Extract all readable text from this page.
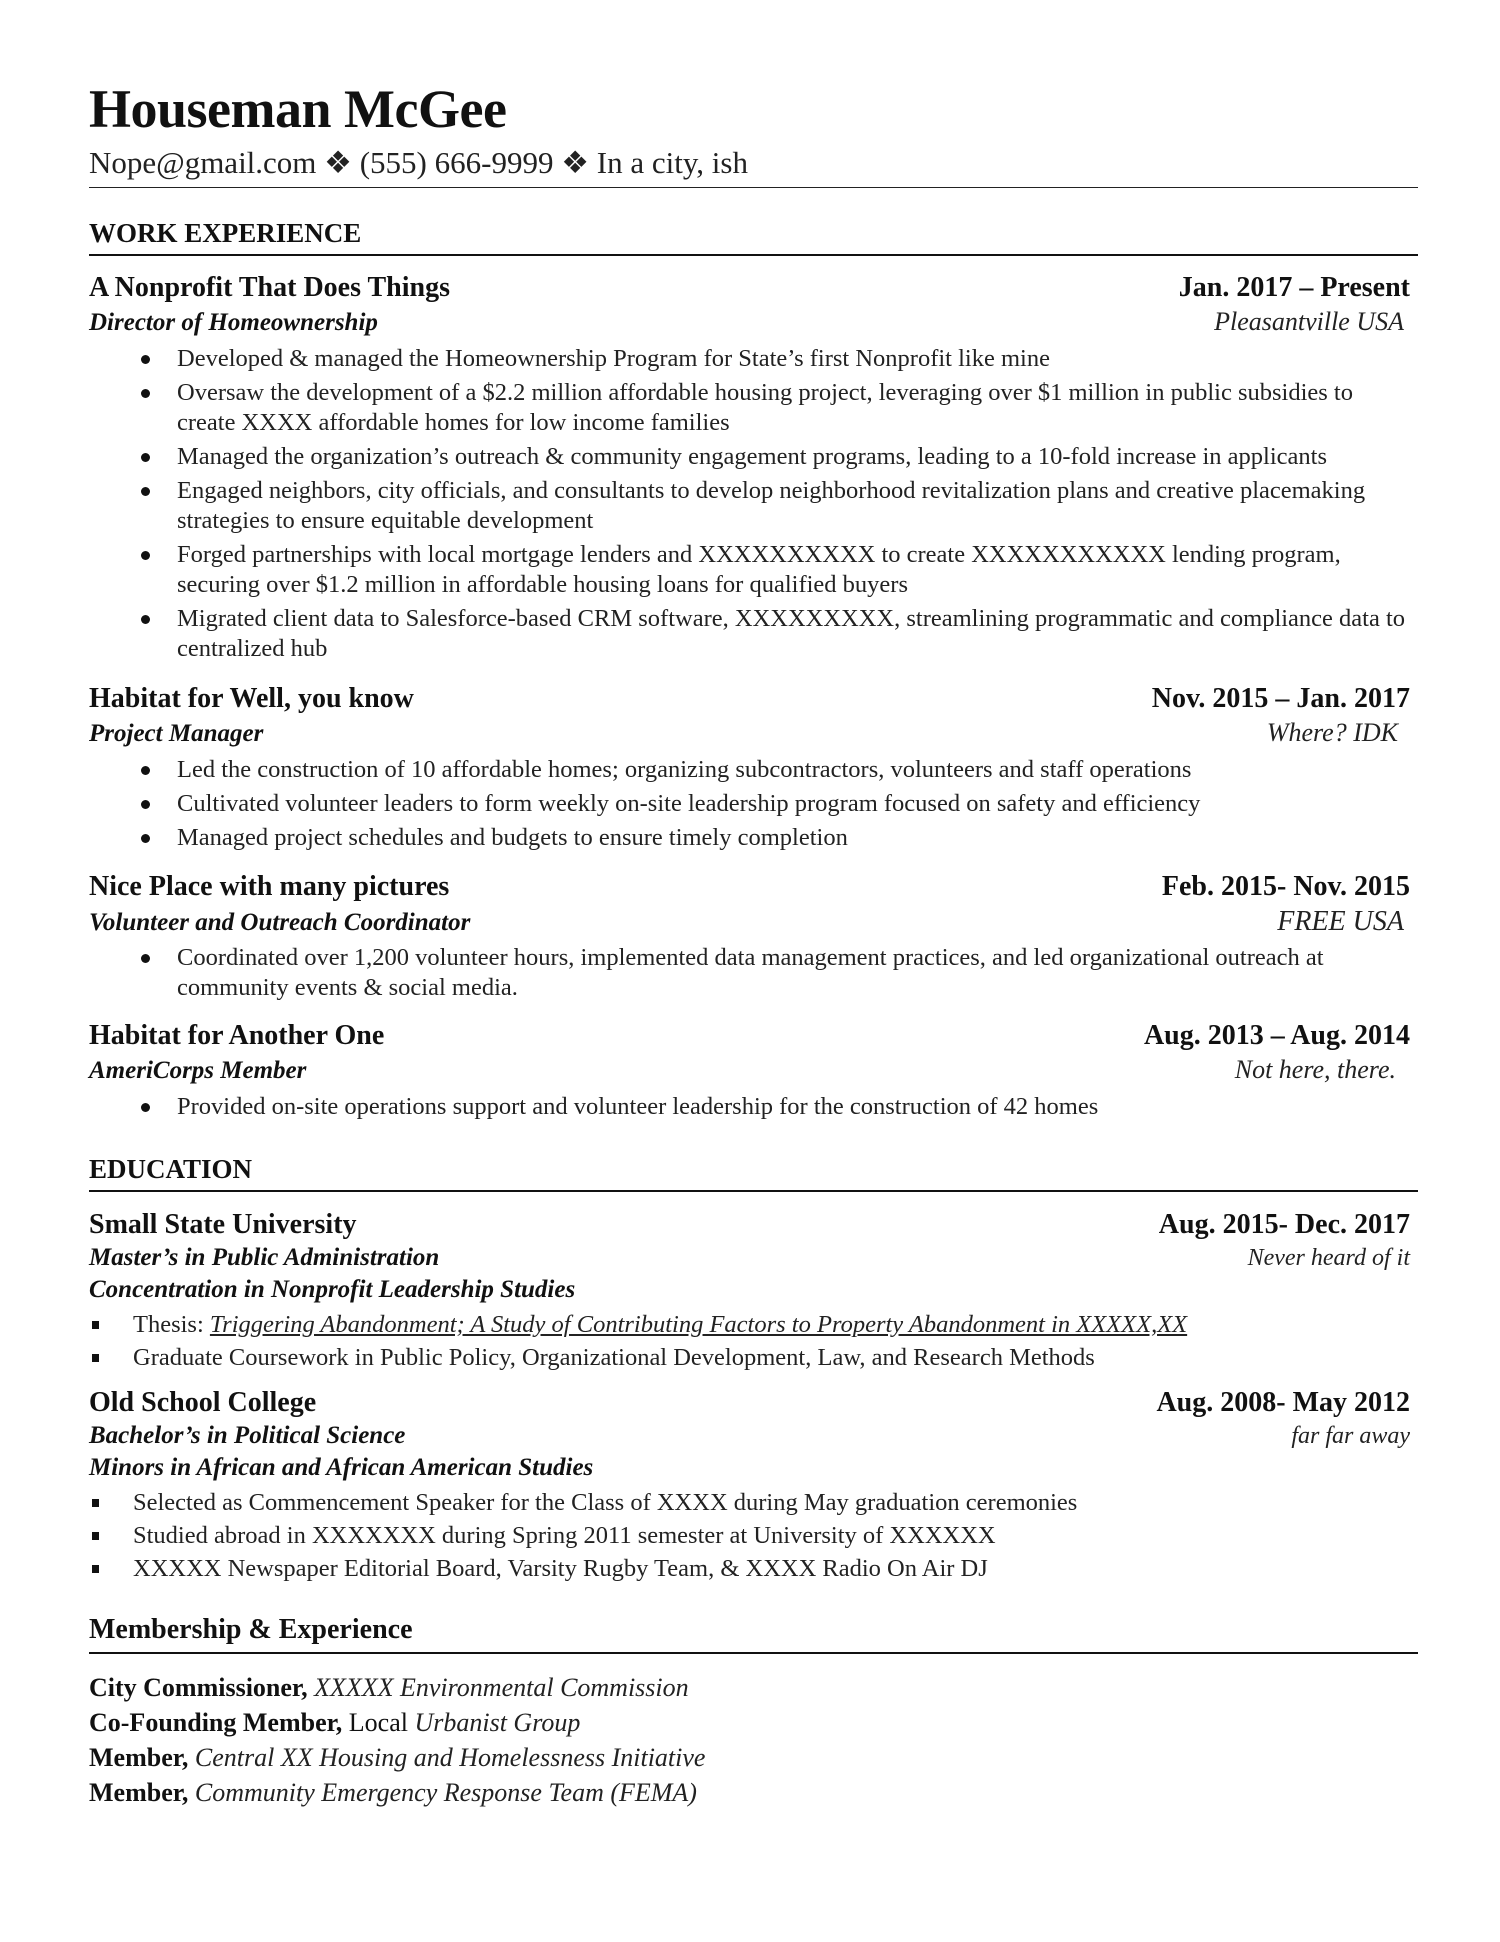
Houseman McGee
Nope@gmail.com ❖ (555) 666-9999 ❖ In a city, ish
WORK EXPERIENCE
A Nonprofit That Does Things	Jan. 2017 – Present
Director of Homeownership	Pleasantville USA
Developed & managed the Homeownership Program for State’s first Nonprofit like mine
Oversaw the development of a $2.2 million affordable housing project, leveraging over $1 million in public subsidies to create XXXX affordable homes for low income families
Managed the organization’s outreach & community engagement programs, leading to a 10-fold increase in applicants
Engaged neighbors, city officials, and consultants to develop neighborhood revitalization plans and creative placemaking strategies to ensure equitable development
Forged partnerships with local mortgage lenders and XXXXXXXXXX to create XXXXXXXXXXX lending program, securing over $1.2 million in affordable housing loans for qualified buyers
Migrated client data to Salesforce-based CRM software, XXXXXXXXX, streamlining programmatic and compliance data to centralized hub
Habitat for Well, you know	Nov. 2015 – Jan. 2017
Project Manager	Where? IDK
Led the construction of 10 affordable homes; organizing subcontractors, volunteers and staff operations
Cultivated volunteer leaders to form weekly on-site leadership program focused on safety and efficiency
Managed project schedules and budgets to ensure timely completion
Nice Place with many pictures	Feb. 2015- Nov. 2015
Volunteer and Outreach Coordinator	FREE USA
Coordinated over 1,200 volunteer hours, implemented data management practices, and led organizational outreach at community events & social media.
Habitat for Another One	Aug. 2013 – Aug. 2014
AmeriCorps Member	Not here, there.
Provided on-site operations support and volunteer leadership for the construction of 42 homes
EDUCATION
Small State University	Aug. 2015- Dec. 2017
Master’s in Public Administration	Never heard of it
Concentration in Nonprofit Leadership Studies
Thesis: Triggering Abandonment; A Study of Contributing Factors to Property Abandonment in XXXXX,XX
Graduate Coursework in Public Policy, Organizational Development, Law, and Research Methods
Old School College	Aug. 2008- May 2012
Bachelor’s in Political Science	far far away
Minors in African and African American Studies
Selected as Commencement Speaker for the Class of XXXX during May graduation ceremonies
Studied abroad in XXXXXXX during Spring 2011 semester at University of XXXXXX
XXXXX Newspaper Editorial Board, Varsity Rugby Team, & XXXX Radio On Air DJ
Membership & Experience
City Commissioner, XXXXX Environmental Commission
Co-Founding Member, Local Urbanist Group
Member, Central XX Housing and Homelessness Initiative
Member, Community Emergency Response Team (FEMA)
